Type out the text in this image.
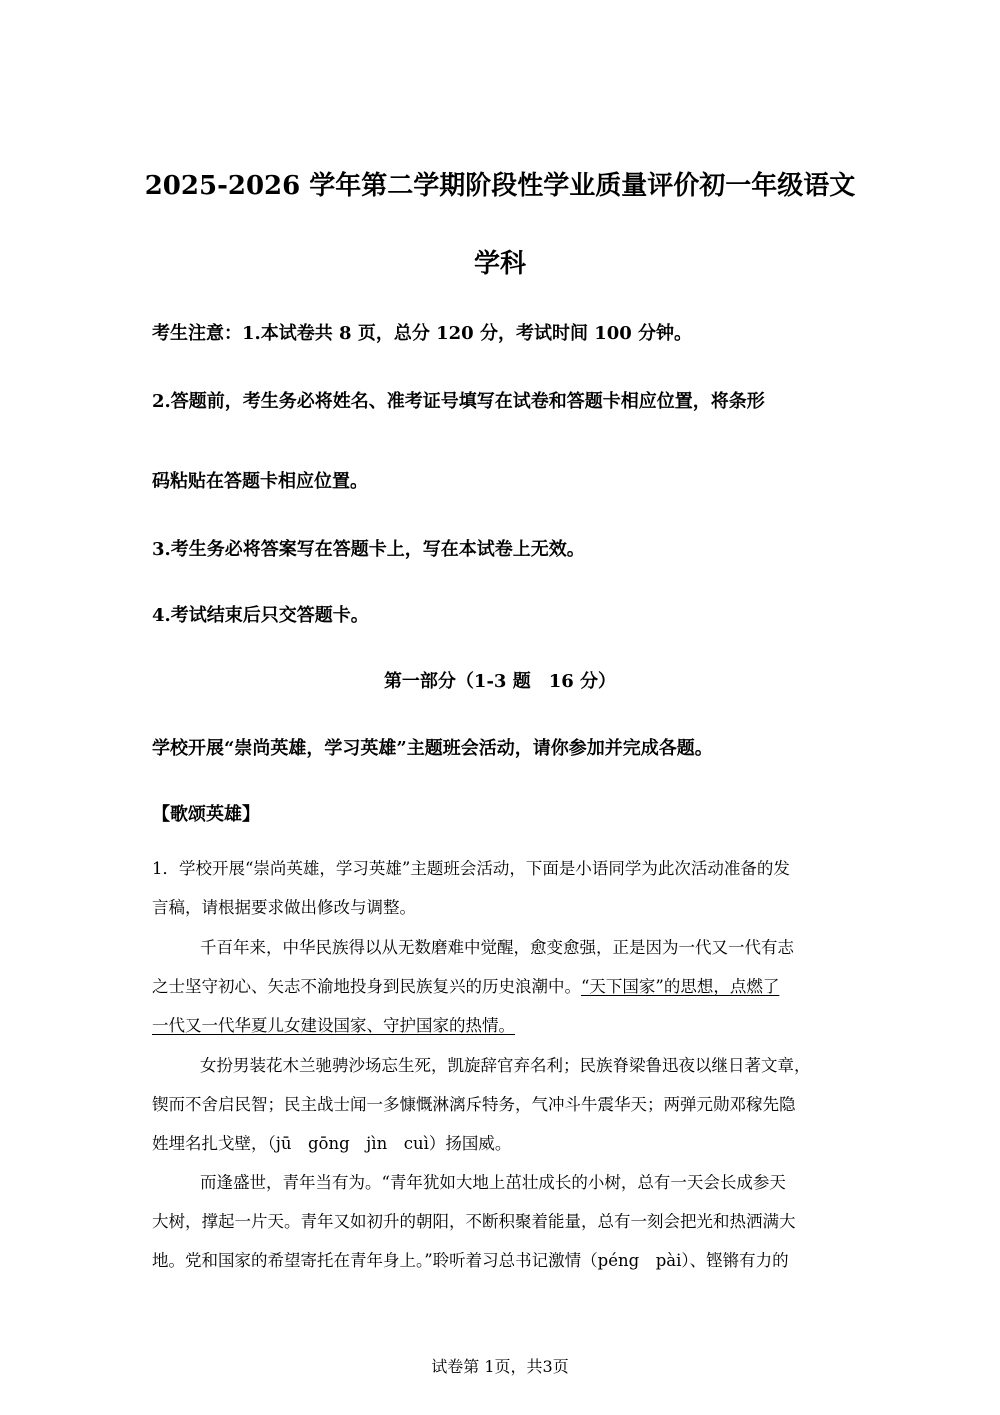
2025-2026 学年第二学期阶段性学业质量评价初一年级语文
学科
考生注意：1.本试卷共 8 页，总分 120 分，考试时间 100 分钟。
2.答题前，考生务必将姓名、准考证号填写在试卷和答题卡相应位置，将条形
码粘贴在答题卡相应位置。
3.考生务必将答案写在答题卡上，写在本试卷上无效。
4.考试结束后只交答题卡。
第一部分（1-3 题　16 分）
学校开展“崇尚英雄，学习英雄”主题班会活动，请你参加并完成各题。
【歌颂英雄】
1．学校开展“崇尚英雄，学习英雄”主题班会活动，下面是小语同学为此次活动准备的发
言稿，请根据要求做出修改与调整。
千百年来，中华民族得以从无数磨难中觉醒，愈变愈强，正是因为一代又一代有志
之士坚守初心、矢志不渝地投身到民族复兴的历史浪潮中。“天下国家”的思想，点燃了
一代又一代华夏儿女建设国家、守护国家的热情。
女扮男装花木兰驰骋沙场忘生死，凯旋辞官弃名利；民族脊梁鲁迅夜以继日著文章，
锲而不舍启民智；民主战士闻一多慷慨淋漓斥特务，气冲斗牛震华天；两弹元勋邓稼先隐
姓埋名扎戈壁，（jū　gōng　jìn　cuì）扬国威。
而逢盛世，青年当有为。“青年犹如大地上茁壮成长的小树，总有一天会长成参天
大树，撑起一片天。青年又如初升的朝阳，不断积聚着能量，总有一刻会把光和热洒满大
地。党和国家的希望寄托在青年身上。”聆听着习总书记激情（péng　pài）、铿锵有力的
试卷第 1页，共3页
